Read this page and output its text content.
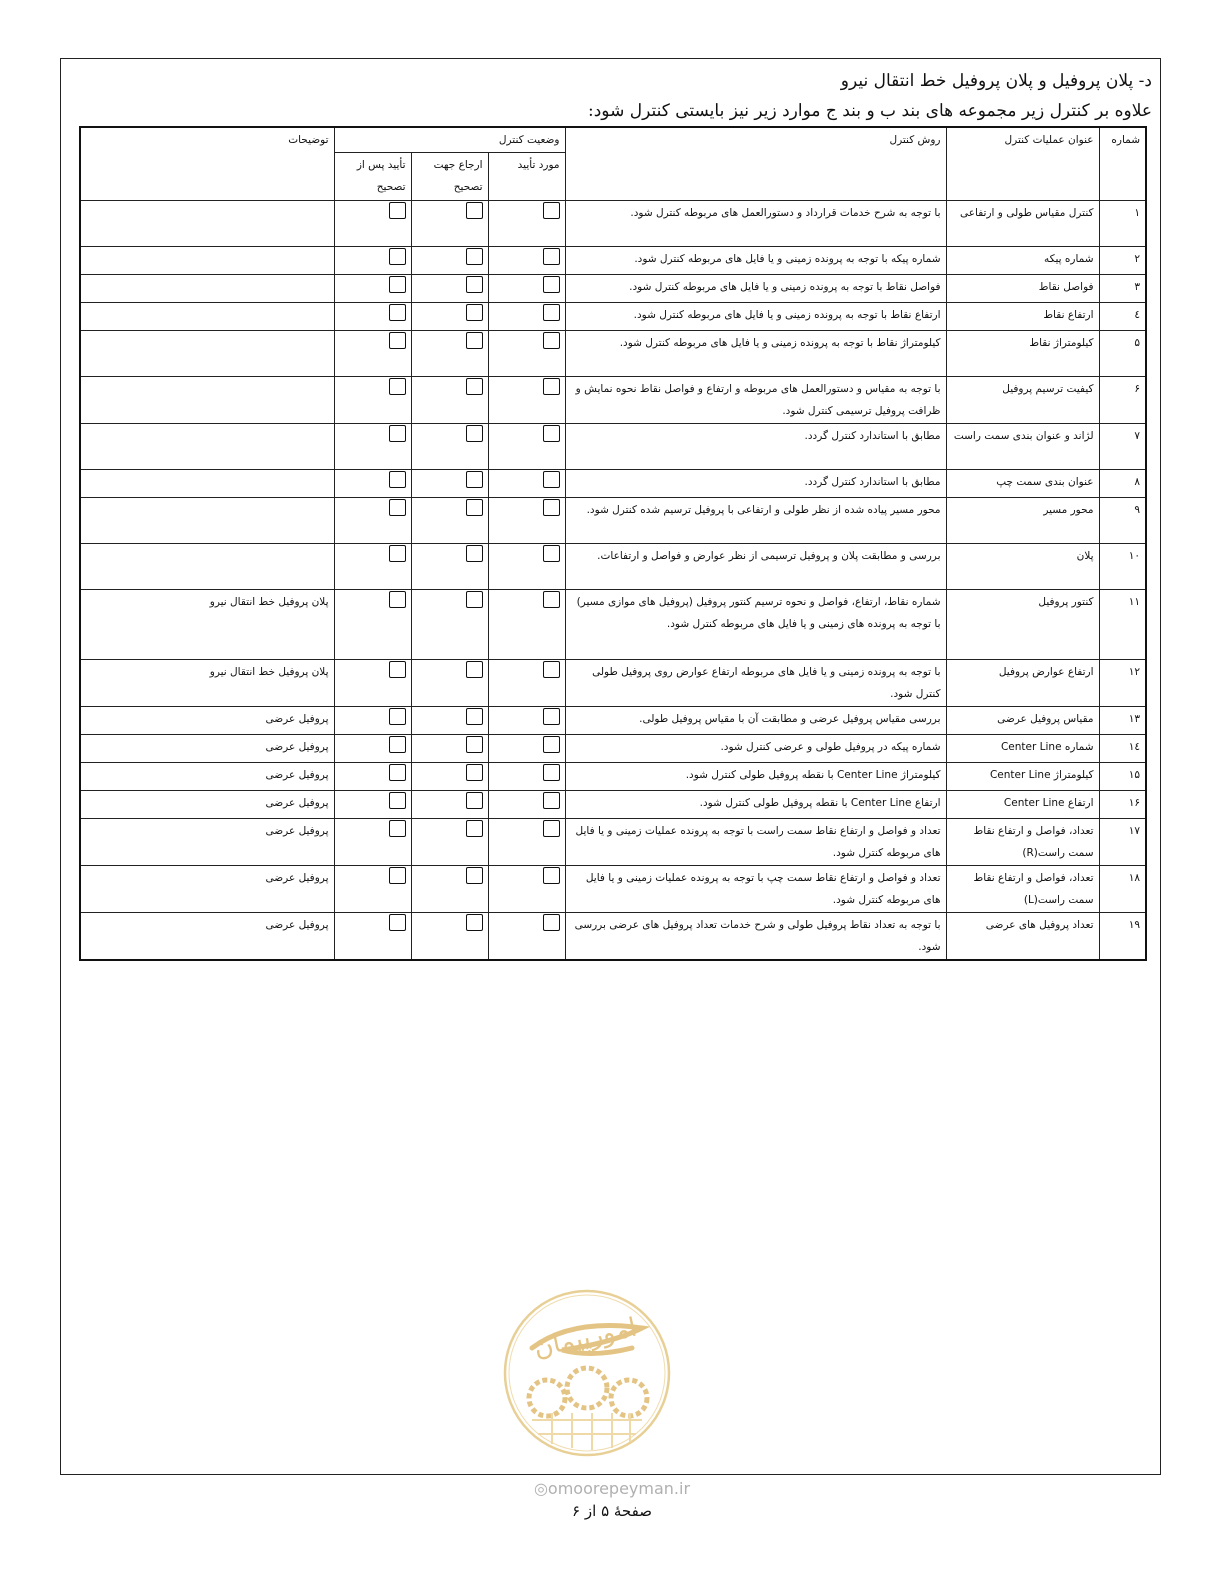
د- پلان پروفیل و پلان پروفیل خط انتقال نیرو
علاوه بر کنترل زیر مجموعه های بند ب و بند ج موارد زیر نیز بایستی کنترل شود:
شماره	عنوان عملیات کنترل	روش کنترل	وضعیت کنترل			توضیحات
			مورد تأیید	ارجاع جهت تصحیح	تأیید پس از تصحیح	
۱	کنترل مقیاس طولی و ارتفاعی	با توجه به شرح خدمات قرارداد و دستورالعمل های مربوطه کنترل شود.				
۲	شماره پیکه	شماره پیکه با توجه به پرونده زمینی و یا فایل های مربوطه کنترل شود.				
۳	فواصل نقاط	فواصل نقاط با توجه به پرونده زمینی و یا فایل های مربوطه کنترل شود.				
٤	ارتفاع نقاط	ارتفاع نقاط با توجه به پرونده زمینی و یا فایل های مربوطه کنترل شود.				
۵	کیلومتراژ نقاط	کیلومتراژ نقاط با توجه به پرونده زمینی و یا فایل های مربوطه کنترل شود.				
۶	کیفیت ترسیم پروفیل	با توجه به مقیاس و دستورالعمل های مربوطه و ارتفاع و فواصل نقاط نحوه نمایش و ظرافت پروفیل ترسیمی کنترل شود.				
۷	لژاند و عنوان بندی سمت راست	مطابق با استاندارد کنترل گردد.				
۸	عنوان بندی سمت چپ	مطابق با استاندارد کنترل گردد.				
۹	محور مسیر	محور مسیر پیاده شده از نظر طولی و ارتفاعی با پروفیل ترسیم شده کنترل شود.				
۱۰	پلان	بررسی و مطابقت پلان و پروفیل ترسیمی از نظر عوارض و فواصل و ارتفاعات.				
۱۱	کنتور پروفیل	شماره نقاط، ارتفاع، فواصل و نحوه ترسیم کنتور پروفیل (پروفیل های موازی مسیر) با توجه به پرونده های زمینی و یا فایل های مربوطه کنترل شود.				پلان پروفیل خط انتقال نیرو
۱۲	ارتفاع عوارض پروفیل	با توجه به پرونده زمینی و یا فایل های مربوطه ارتفاع عوارض روی پروفیل طولی کنترل شود.				پلان پروفیل خط انتقال نیرو
۱۳	مقیاس پروفیل عرضی	بررسی مقیاس پروفیل عرضی و مطابقت آن با مقیاس پروفیل طولی.				پروفیل عرضی
۱٤	شماره Center Line	شماره پیکه در پروفیل طولی و عرضی کنترل شود.				پروفیل عرضی
۱۵	کیلومتراژ Center Line	کیلومتراژ Center Line با نقطه پروفیل طولی کنترل شود.				پروفیل عرضی
۱۶	ارتفاع Center Line	ارتفاع Center Line با نقطه پروفیل طولی کنترل شود.				پروفیل عرضی
۱۷	تعداد، فواصل و ارتفاع نقاط سمت راست(R)	تعداد و فواصل و ارتفاع نقاط سمت راست با توجه به پرونده عملیات زمینی و یا فایل های مربوطه کنترل شود.				پروفیل عرضی
۱۸	تعداد، فواصل و ارتفاع نقاط سمت راست(L)	تعداد و فواصل و ارتفاع نقاط سمت چپ با توجه به پرونده عملیات زمینی و یا فایل های مربوطه کنترل شود.				پروفیل عرضی
۱۹	تعداد پروفیل های عرضی	با توجه به تعداد نقاط پروفیل طولی و شرح خدمات تعداد پروفیل های عرضی بررسی شود.				پروفیل عرضی
امورپیمان
◎omoorepeyman.ir
صفحهٔ ۵ از ۶
